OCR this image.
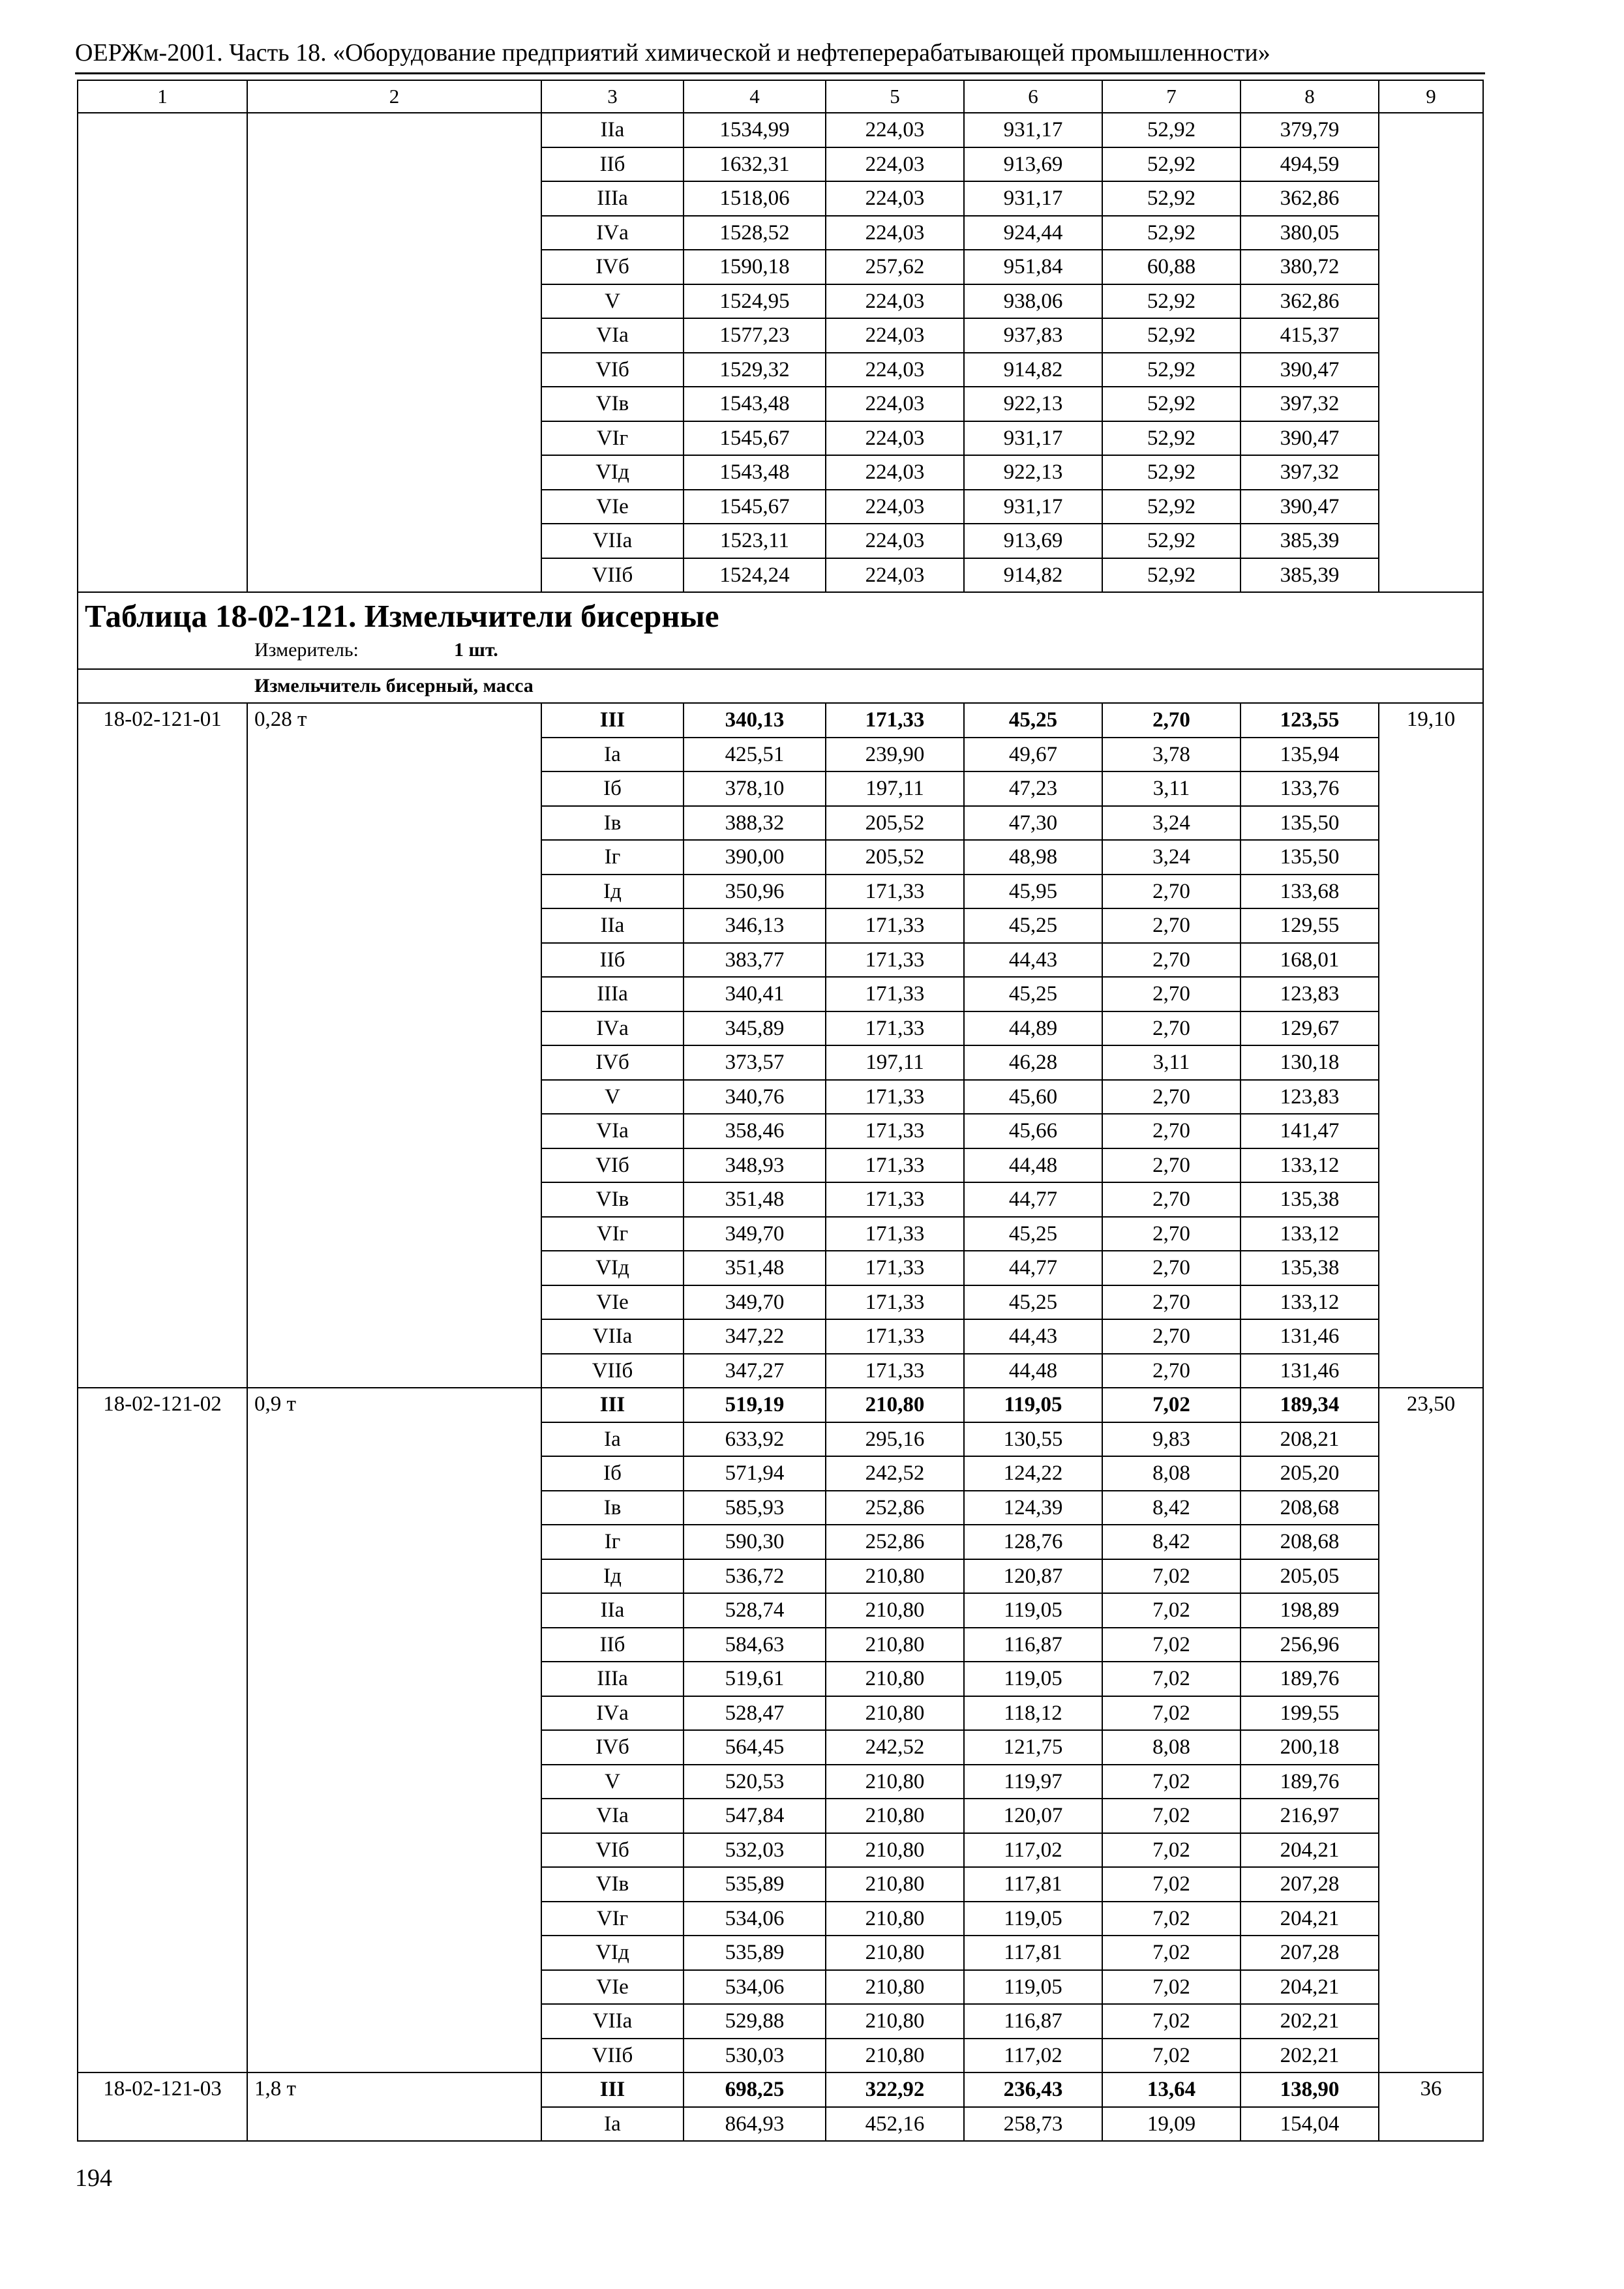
ОЕРЖм-2001. Часть 18. «Оборудование предприятий химической и нефтеперерабатывающей промышленности»
1	2	3	4	5	6	7	8	9
		IIа	1534,99	224,03	931,17	52,92	379,79	
		IIб	1632,31	224,03	913,69	52,92	494,59	
		IIIа	1518,06	224,03	931,17	52,92	362,86	
		IVа	1528,52	224,03	924,44	52,92	380,05	
		IVб	1590,18	257,62	951,84	60,88	380,72	
		V	1524,95	224,03	938,06	52,92	362,86	
		VIа	1577,23	224,03	937,83	52,92	415,37	
		VIб	1529,32	224,03	914,82	52,92	390,47	
		VIв	1543,48	224,03	922,13	52,92	397,32	
		VIг	1545,67	224,03	931,17	52,92	390,47	
		VIд	1543,48	224,03	922,13	52,92	397,32	
		VIе	1545,67	224,03	931,17	52,92	390,47	
		VIIа	1523,11	224,03	913,69	52,92	385,39	
		VIIб	1524,24	224,03	914,82	52,92	385,39	

Таблица 18-02-121. Измельчители бисерные
Измеритель: 1 шт.								

Измельчитель бисерный, масса								
18-02-121-01	0,28 т	III	340,13	171,33	45,25	2,70	123,55	19,10
		Iа	425,51	239,90	49,67	3,78	135,94	
		Iб	378,10	197,11	47,23	3,11	133,76	
		Iв	388,32	205,52	47,30	3,24	135,50	
		Iг	390,00	205,52	48,98	3,24	135,50	
		Iд	350,96	171,33	45,95	2,70	133,68	
		IIа	346,13	171,33	45,25	2,70	129,55	
		IIб	383,77	171,33	44,43	2,70	168,01	
		IIIа	340,41	171,33	45,25	2,70	123,83	
		IVа	345,89	171,33	44,89	2,70	129,67	
		IVб	373,57	197,11	46,28	3,11	130,18	
		V	340,76	171,33	45,60	2,70	123,83	
		VIа	358,46	171,33	45,66	2,70	141,47	
		VIб	348,93	171,33	44,48	2,70	133,12	
		VIв	351,48	171,33	44,77	2,70	135,38	
		VIг	349,70	171,33	45,25	2,70	133,12	
		VIд	351,48	171,33	44,77	2,70	135,38	
		VIе	349,70	171,33	45,25	2,70	133,12	
		VIIа	347,22	171,33	44,43	2,70	131,46	
		VIIб	347,27	171,33	44,48	2,70	131,46	
18-02-121-02	0,9 т	III	519,19	210,80	119,05	7,02	189,34	23,50
		Iа	633,92	295,16	130,55	9,83	208,21	
		Iб	571,94	242,52	124,22	8,08	205,20	
		Iв	585,93	252,86	124,39	8,42	208,68	
		Iг	590,30	252,86	128,76	8,42	208,68	
		Iд	536,72	210,80	120,87	7,02	205,05	
		IIа	528,74	210,80	119,05	7,02	198,89	
		IIб	584,63	210,80	116,87	7,02	256,96	
		IIIа	519,61	210,80	119,05	7,02	189,76	
		IVа	528,47	210,80	118,12	7,02	199,55	
		IVб	564,45	242,52	121,75	8,08	200,18	
		V	520,53	210,80	119,97	7,02	189,76	
		VIа	547,84	210,80	120,07	7,02	216,97	
		VIб	532,03	210,80	117,02	7,02	204,21	
		VIв	535,89	210,80	117,81	7,02	207,28	
		VIг	534,06	210,80	119,05	7,02	204,21	
		VIд	535,89	210,80	117,81	7,02	207,28	
		VIе	534,06	210,80	119,05	7,02	204,21	
		VIIа	529,88	210,80	116,87	7,02	202,21	
		VIIб	530,03	210,80	117,02	7,02	202,21	
18-02-121-03	1,8 т	III	698,25	322,92	236,43	13,64	138,90	36
		Iа	864,93	452,16	258,73	19,09	154,04	
194
